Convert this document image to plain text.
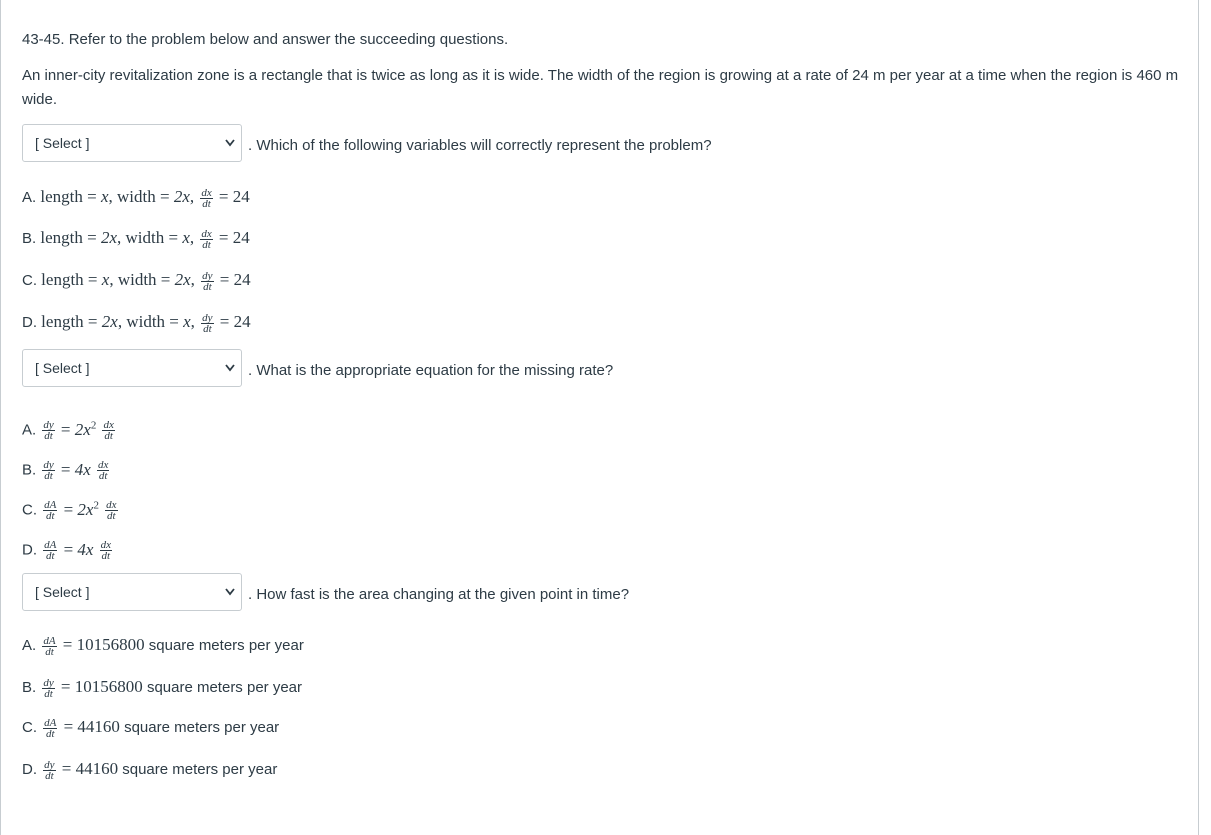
43-45. Refer to the problem below and answer the succeeding questions.
An inner-city revitalization zone is a rectangle that is twice as long as it is wide. The width of the region is growing at a rate of 24 m per year at a time when the region is 460 m wide.
[ Select ]	. Which of the following variables will correctly represent the problem?
A. length = x, width = 2x, $\frac{dx}{dt} = 24$
B. length = 2x, width = x, $\frac{dx}{dt} = 24$
C. length = x, width = 2x, $\frac{dy}{dt} = 24$
D. length = 2x, width = x, $\frac{dy}{dt} = 24$
[ Select ]	. What is the appropriate equation for the missing rate?
A. $\frac{dy}{dt} = 2x^2 \frac{dx}{dt}$
B. $\frac{dy}{dt} = 4x \frac{dx}{dt}$
C. $\frac{dA}{dt} = 2x^2 \frac{dx}{dt}$
D. $\frac{dA}{dt} = 4x \frac{dx}{dt}$
[ Select ]	. How fast is the area changing at the given point in time?
A. $\frac{dA}{dt} = 10156800$ square meters per year
B. $\frac{dy}{dt} = 10156800$ square meters per year
C. $\frac{dA}{dt} = 44160$ square meters per year
D. $\frac{dy}{dt} = 44160$ square meters per year
